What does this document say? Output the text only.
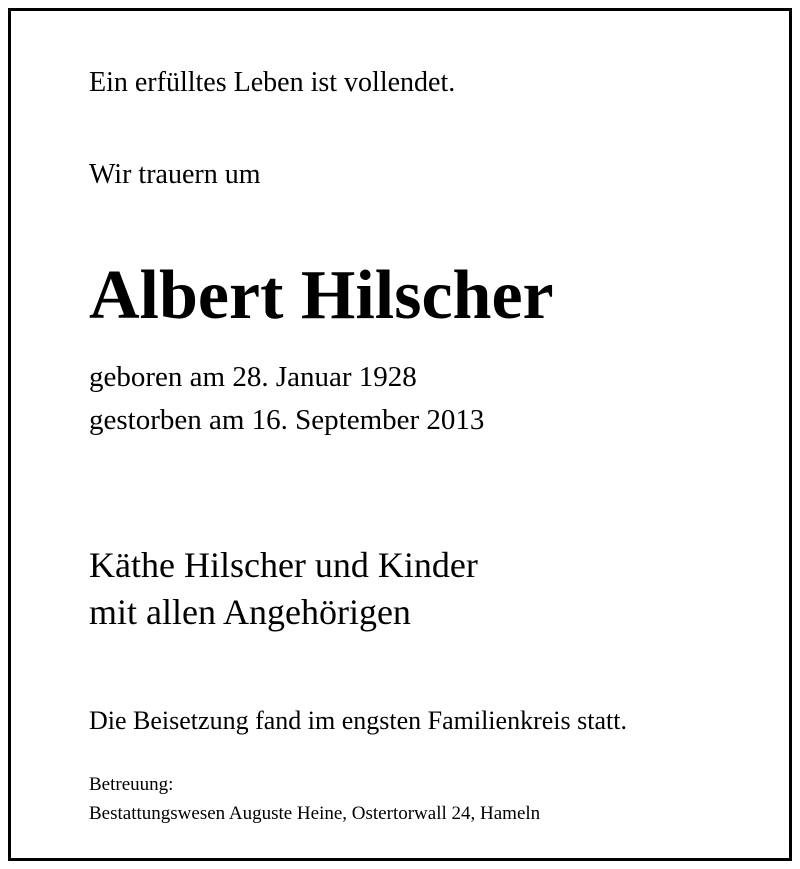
Ein erfülltes Leben ist vollendet.
Wir trauern um
Albert Hilscher
geboren am 28. Januar 1928
gestorben am 16. September 2013
Käthe Hilscher und Kinder
mit allen Angehörigen
Die Beisetzung fand im engsten Familienkreis statt.
Betreuung:
Bestattungswesen Auguste Heine, Ostertorwall 24, Hameln
